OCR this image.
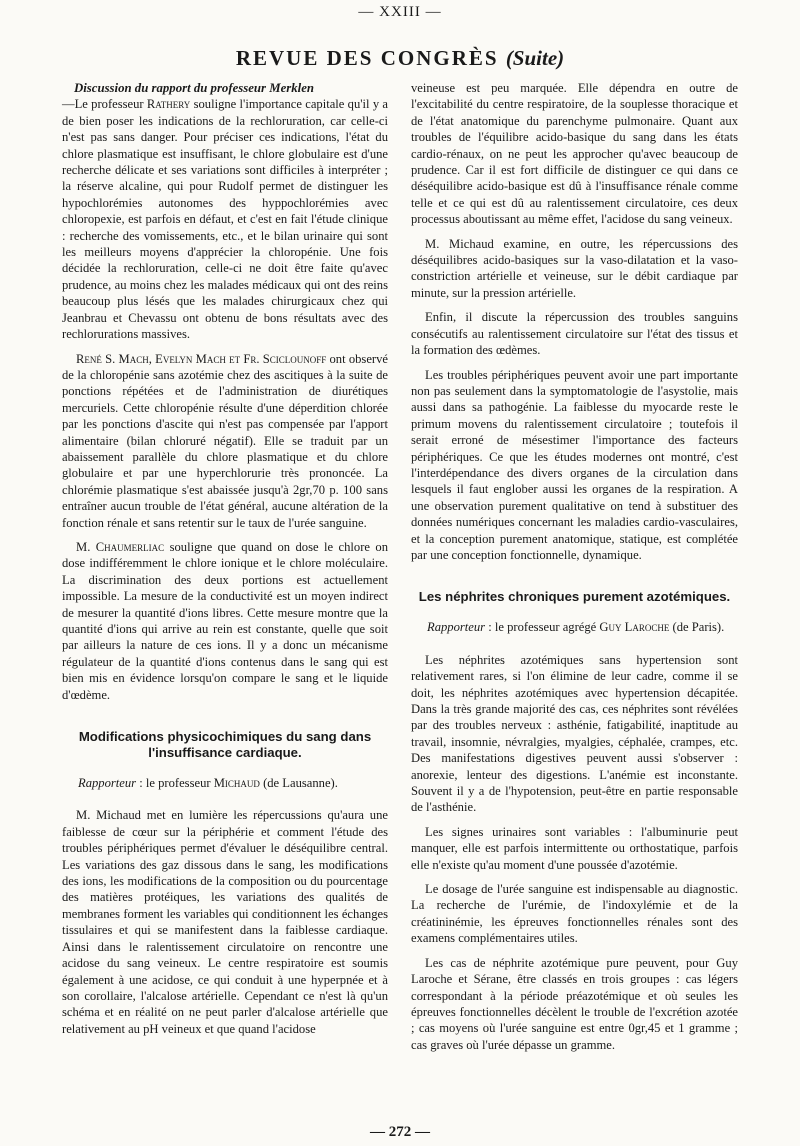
— XXIII —
REVUE DES CONGRÈS (Suite)
Discussion du rapport du professeur Merklen

—Le professeur Rathery souligne l'importance capitale qu'il y a de bien poser les indications de la rechloruration, car celle-ci n'est pas sans danger. Pour préciser ces indications, l'état du chlore plasmatique est insuffisant, le chlore globulaire est d'une recherche délicate et ses variations sont difficiles à interpréter ; la réserve alcaline, qui pour Rudolf permet de distinguer les hypochlorémies autonomes des hyppochlorémies avec chloropexie, est parfois en défaut, et c'est en fait l'étude clinique : recherche des vomissements, etc., et le bilan urinaire qui sont les meilleurs moyens d'apprécier la chloropénie. Une fois décidée la rechloruration, celle-ci ne doit être faite qu'avec prudence, au moins chez les malades médicaux qui ont des reins beaucoup plus lésés que les malades chirurgicaux chez qui Jeanbrau et Chevassu ont obtenu de bons résultats avec des rechlorurations massives.

René S. Mach, Evelyn Mach et Fr. Sciclounoff ont observé de la chloropénie sans azotémie chez des ascitiques à la suite de ponctions répétées et de l'administration de diurétiques mercuriels. Cette chloropénie résulte d'une déperdition chlorée par les ponctions d'ascite qui n'est pas compensée par l'apport alimentaire (bilan chloruré négatif). Elle se traduit par un abaissement parallèle du chlore plasmatique et du chlore globulaire et par une hyperchlorurie très prononcée. La chlorémie plasmatique s'est abaissée jusqu'à 2gr,70 p. 100 sans entraîner aucun trouble de l'état général, aucune altération de la fonction rénale et sans retentir sur le taux de l'urée sanguine.

M. Chaumerliac souligne que quand on dose le chlore on dose indifféremment le chlore ionique et le chlore moléculaire. La discrimination des deux portions est actuellement impossible. La mesure de la conductivité est un moyen indirect de mesurer la quantité d'ions libres. Cette mesure montre que la quantité d'ions qui arrive au rein est constante, quelle que soit par ailleurs la nature de ces ions. Il y a donc un mécanisme régulateur de la quantité d'ions contenus dans le sang qui est bien mis en évidence lorsqu'on compare le sang et le liquide d'œdème.

Modifications physicochimiques du sang dans l'insuffisance cardiaque.

Rapporteur : le professeur Michaud (de Lausanne).

M. Michaud met en lumière les répercussions qu'aura une faiblesse de cœur sur la périphérie et comment l'étude des troubles périphériques permet d'évaluer le déséquilibre central. Les variations des gaz dissous dans le sang, les modifications des ions, les modifications de la composition ou du pourcentage des matières protéiques, les variations des qualités de membranes forment les variables qui conditionnent les échanges tissulaires et qui se manifestent dans la faiblesse cardiaque. Ainsi dans le ralentissement circulatoire on rencontre une acidose du sang veineux. Le centre respiratoire est soumis également à une acidose, ce qui conduit à une hyperpnée et à son corollaire, l'alcalose artérielle. Cependant ce n'est là qu'un schéma et en réalité on ne peut parler d'alcalose artérielle que relativement au pH veineux et que quand l'acidose

veineuse est peu marquée. Elle dépendra en outre de l'excitabilité du centre respiratoire, de la souplesse thoracique et de l'état anatomique du parenchyme pulmonaire. Quant aux troubles de l'équilibre acido-basique du sang dans les états cardio-rénaux, on ne peut les approcher qu'avec beaucoup de prudence. Car il est fort difficile de distinguer ce qui dans ce déséquilibre acido-basique est dû à l'insuffisance rénale comme telle et ce qui est dû au ralentissement circulatoire, ces deux processus aboutissant au même effet, l'acidose du sang veineux.

M. Michaud examine, en outre, les répercussions des déséquilibres acido-basiques sur la vaso-dilatation et la vaso-constriction artérielle et veineuse, sur le débit cardiaque par minute, sur la pression artérielle.

Enfin, il discute la répercussion des troubles sanguins consécutifs au ralentissement circulatoire sur l'état des tissus et la formation des œdèmes.

Les troubles périphériques peuvent avoir une part importante non pas seulement dans la symptomatologie de l'asystolie, mais aussi dans sa pathogénie. La faiblesse du myocarde reste le primum movens du ralentissement circulatoire ; toutefois il serait erroné de mésestimer l'importance des facteurs périphériques. Ce que les études modernes ont montré, c'est l'interdépendance des divers organes de la circulation dans lesquels il faut englober aussi les organes de la respiration. A une observation purement qualitative on tend à substituer des données numériques concernant les maladies cardio-vasculaires, et la conception purement anatomique, statique, est complétée par une conception fonctionnelle, dynamique.

Les néphrites chroniques purement azotémiques.

Rapporteur : le professeur agrégé Guy Laroche (de Paris).

Les néphrites azotémiques sans hypertension sont relativement rares, si l'on élimine de leur cadre, comme il se doit, les néphrites azotémiques avec hypertension décapitée. Dans la très grande majorité des cas, ces néphrites sont révélées par des troubles nerveux : asthénie, fatigabilité, inaptitude au travail, insomnie, névralgies, myalgies, céphalée, crampes, etc. Des manifestations digestives peuvent aussi s'observer : anorexie, lenteur des digestions. L'anémie est inconstante. Souvent il y a de l'hypotension, peut-être en partie responsable de l'asthénie.

Les signes urinaires sont variables : l'albuminurie peut manquer, elle est parfois intermittente ou orthostatique, parfois elle n'existe qu'au moment d'une poussée d'azotémie.

Le dosage de l'urée sanguine est indispensable au diagnostic. La recherche de l'urémie, de l'indoxylémie et de la créatininémie, les épreuves fonctionnelles rénales sont des examens complémentaires utiles.

Les cas de néphrite azotémique pure peuvent, pour Guy Laroche et Sérane, être classés en trois groupes : cas légers correspondant à la période préazotémique et où seules les épreuves fonctionnelles décèlent le trouble de l'excrétion azotée ; cas moyens où l'urée sanguine est entre 0gr,45 et 1 gramme ; cas graves où l'urée dépasse un gramme.

— 272 —
